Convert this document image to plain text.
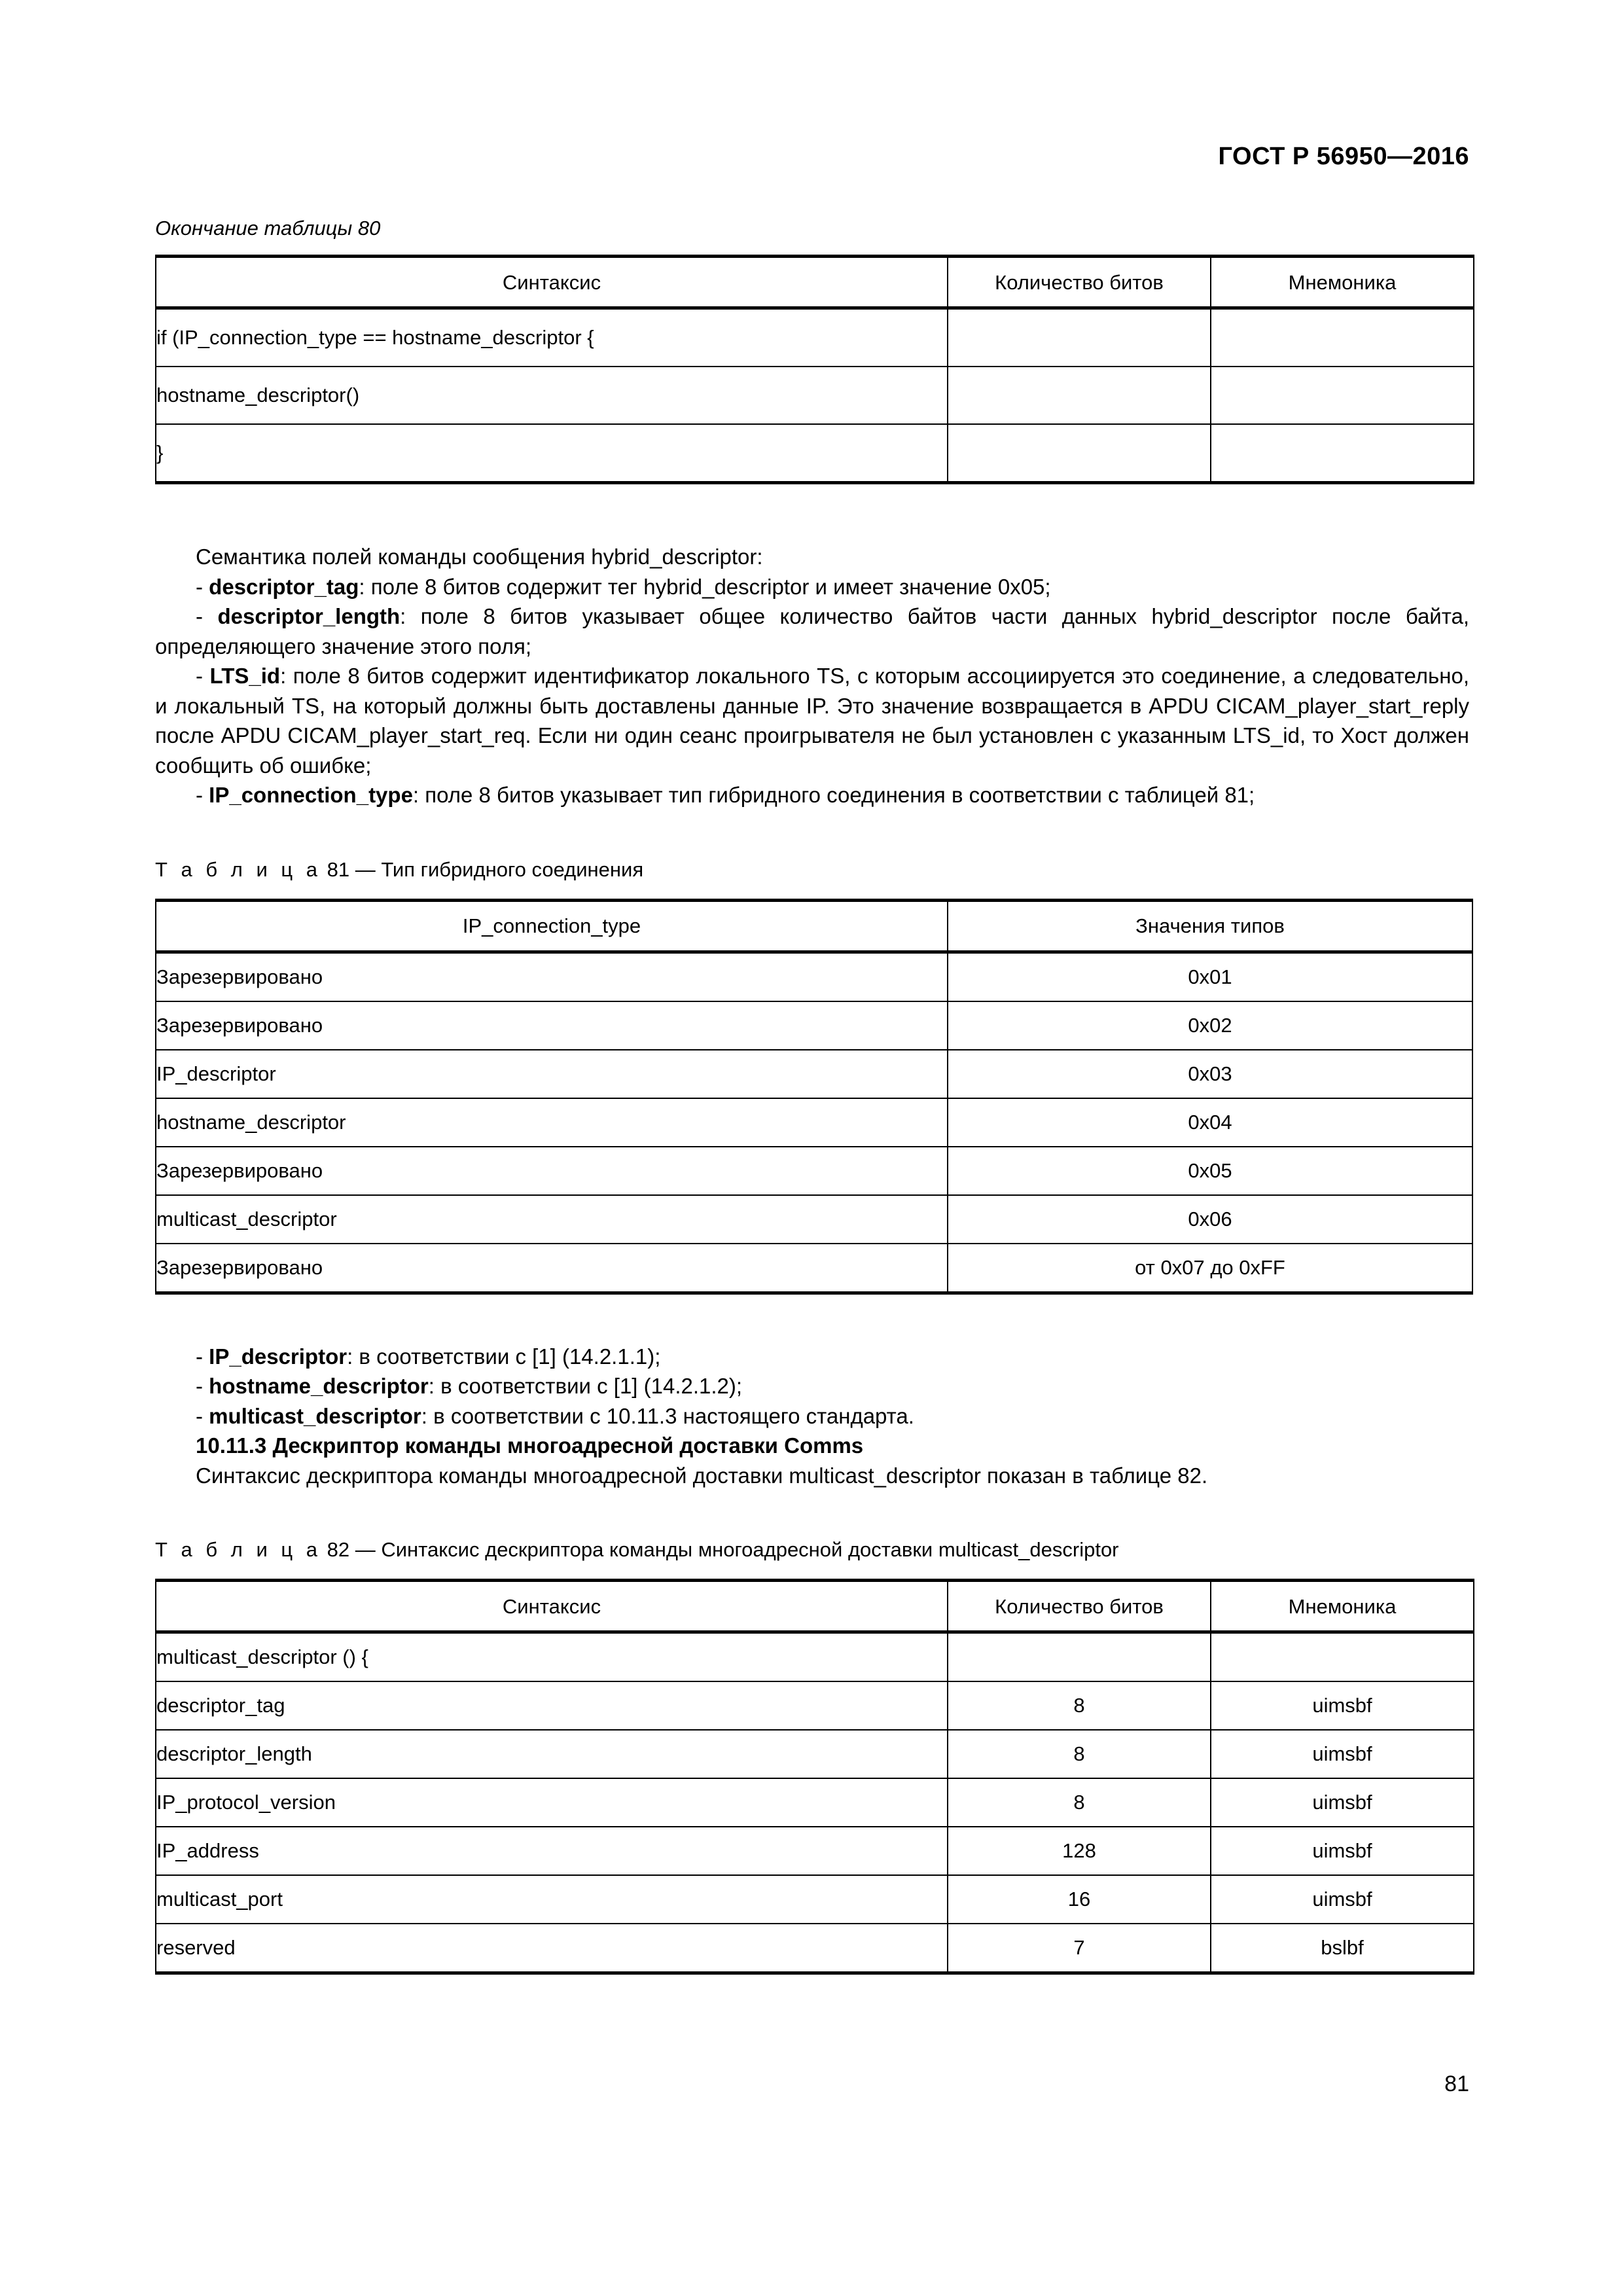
ГОСТ Р 56950—2016
Окончание таблицы 80
Синтаксис	Количество битов	Мнемоника
if (IP_connection_type == hostname_descriptor {		
hostname_descriptor()		
}		

Семантика полей команды сообщения hybrid_descriptor:

- descriptor_tag: поле 8 битов содержит тег hybrid_descriptor и имеет значение 0х05;

- descriptor_length: поле 8 битов указывает общее количество байтов части данных hybrid_descriptor после байта, определяющего значение этого поля;

- LTS_id: поле 8 битов содержит идентификатор локального TS, с которым ассоциируется это соединение, а следовательно, и локальный TS, на который должны быть доставлены данные IP. Это значение возвращается в APDU CICAM_player_start_reply после APDU CICAM_player_start_req. Если ни один сеанс проигрывателя не был установлен с указанным LTS_id, то Хост должен сообщить об ошибке;

- IP_connection_type: поле 8 битов указывает тип гибридного соединения в соответствии с таблицей 81;

Т а б л и ц а 81 — Тип гибридного соединения
IP_connection_type	Значения типов
Зарезервировано	0x01
Зарезервировано	0x02
IP_descriptor	0x03
hostname_descriptor	0x04
Зарезервировано	0x05
multicast_descriptor	0x06
Зарезервировано	от 0x07 до 0xFF

- IP_descriptor: в соответствии с [1] (14.2.1.1);

- hostname_descriptor: в соответствии с [1] (14.2.1.2);

- multicast_descriptor: в соответствии с 10.11.3 настоящего стандарта.

10.11.3 Дескриптор команды многоадресной доставки Comms

Синтаксис дескриптора команды многоадресной доставки multicast_descriptor показан в таблице 82.

Т а б л и ц а 82 — Синтаксис дескриптора команды многоадресной доставки multicast_descriptor
Синтаксис	Количество битов	Мнемоника
multicast_descriptor () {		
descriptor_tag	8	uimsbf
descriptor_length	8	uimsbf
IP_protocol_version	8	uimsbf
IP_address	128	uimsbf
multicast_port	16	uimsbf
reserved	7	bslbf
81
